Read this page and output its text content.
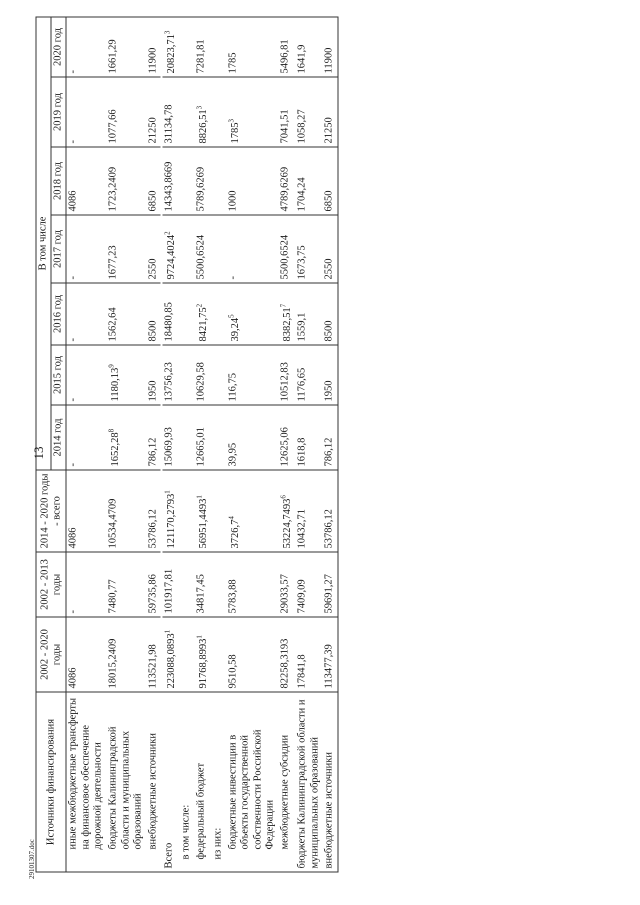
13
29101307.doc
Источники финансирования	2002 - 2020 годы	2002 - 2013 годы	2014 - 2020 годы - всего	В том числе						
				2014 год	2015 год	2016 год	2017 год	2018 год	2019 год	2020 год
иные межбюджетные трансферты на финансовое обеспечение дорожной деятельности	4086	-	4086	-	-	-	-	4086	-	-
бюджеты Калининградской области и муниципальных образований	18015,2409	7480,77	10534,4709	1652,28$^8$	1180,13$^9$	1562,64	1677,23	1723,2409	1077,66	1661,29
внебюджетные источники	113521,98	59735,86	53786,12	786,12	1950	8500	2550	6850	21250	11900

Всего	223088,0893$^1$	101917,81	121170,2793$^1$	15069,93	13756,23	18480,85	9724,4024$^2$	14343,8669	31134,78	20823,71$^3$
в том числе:										
федеральный бюджет	91768,8993$^1$	34817,45	56951,4493$^1$	12665,01	10629,58	8421,75$^2$	5500,6524	5789,6269	8826,51$^3$	7281,81
из них:										
бюджетные инвестиции в объекты государственной собственности Российской Федерации	9510,58	5783,88	3726,7$^4$	39,95	116,75	39,24$^5$	-	1000	1785$^3$	1785
межбюджетные субсидии	82258,3193	29033,57	53224,7493$^6$	12625,06	10512,83	8382,51$^7$	5500,6524	4789,6269	7041,51	5496,81
бюджеты Калининградской области и муниципальных образований	17841,8	7409,09	10432,71	1618,8	1176,65	1559,1	1673,75	1704,24	1058,27	1641,9
внебюджетные источники	113477,39	59691,27	53786,12	786,12	1950	8500	2550	6850	21250	11900
